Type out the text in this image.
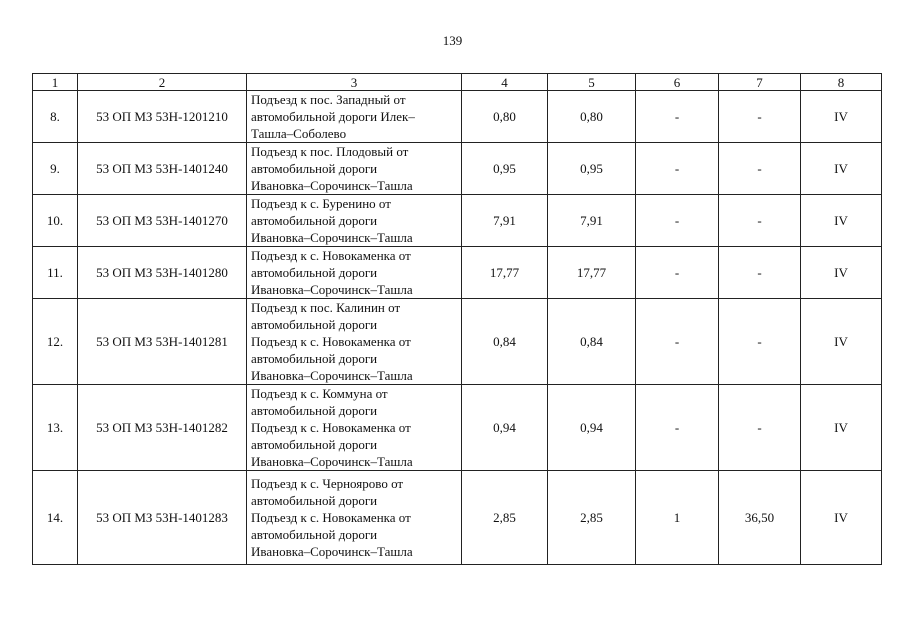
139
1	2	3	4	5	6	7	8
8.	53 ОП МЗ 53Н-1201210	Подъезд к пос. Западный от
автомобильной дороги Илек–
Ташла–Соболево	0,80	0,80	-	-	IV
9.	53 ОП МЗ 53Н-1401240	Подъезд к пос. Плодовый от
автомобильной дороги
Ивановка–Сорочинск–Ташла	0,95	0,95	-	-	IV
10.	53 ОП МЗ 53Н-1401270	Подъезд к с. Буренино от
автомобильной дороги
Ивановка–Сорочинск–Ташла	7,91	7,91	-	-	IV
11.	53 ОП МЗ 53Н-1401280	Подъезд к с. Новокаменка от
автомобильной дороги
Ивановка–Сорочинск–Ташла	17,77	17,77	-	-	IV
12.	53 ОП МЗ 53Н-1401281	Подъезд к пос. Калинин от
автомобильной дороги
Подъезд к с. Новокаменка от
автомобильной дороги
Ивановка–Сорочинск–Ташла	0,84	0,84	-	-	IV
13.	53 ОП МЗ 53Н-1401282	Подъезд к с. Коммуна от
автомобильной дороги
Подъезд к с. Новокаменка от
автомобильной дороги
Ивановка–Сорочинск–Ташла	0,94	0,94	-	-	IV
14.	53 ОП МЗ 53Н-1401283	Подъезд к с. Черноярово от
автомобильной дороги
Подъезд к с. Новокаменка от
автомобильной дороги
Ивановка–Сорочинск–Ташла	2,85	2,85	1	36,50	IV
